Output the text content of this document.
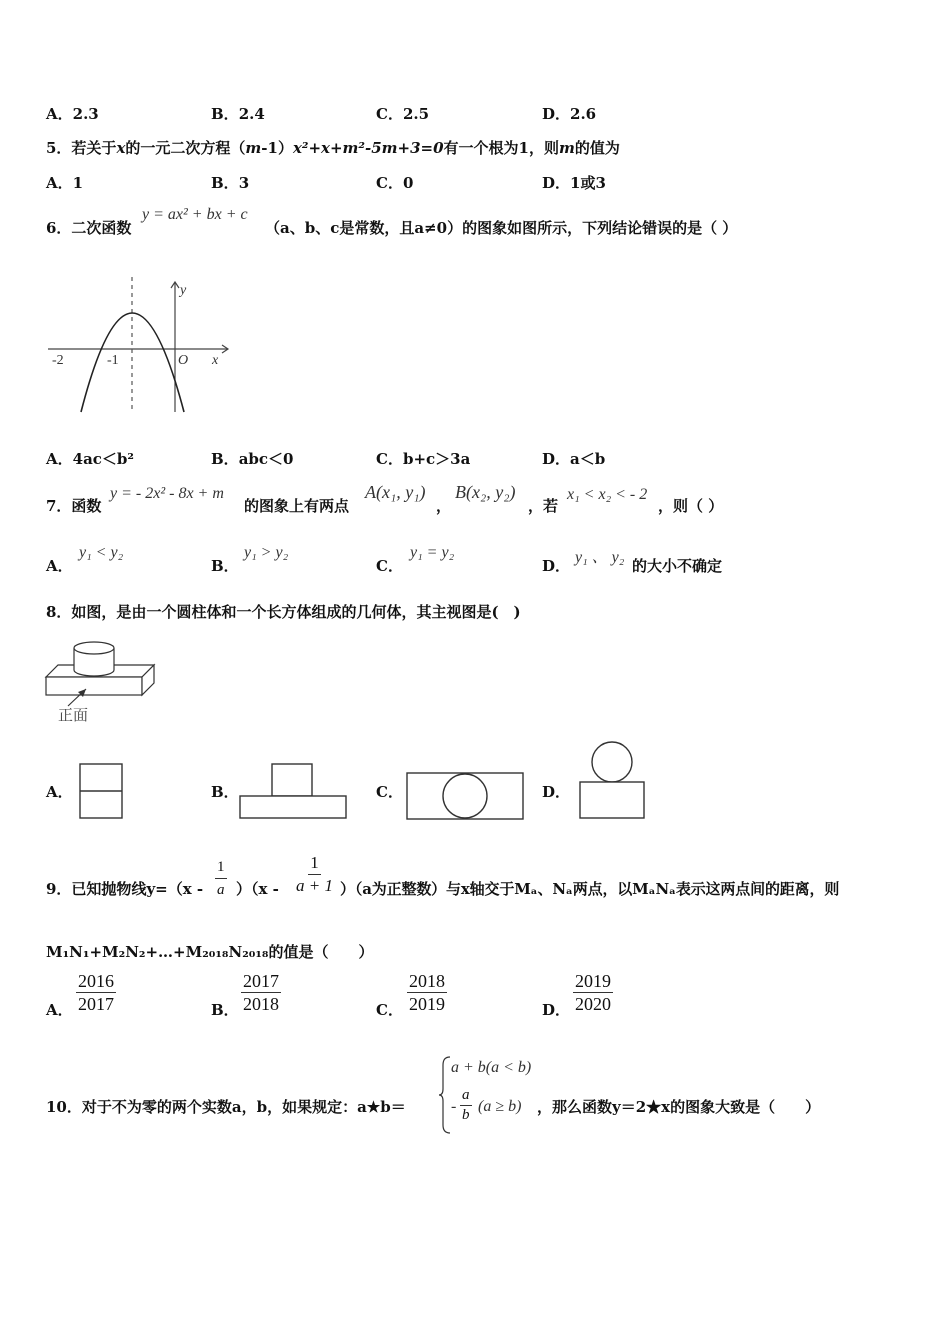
A．2.3	B．2.4	C．2.5	D．2.6
5．若关于x的一元二次方程（m-1）x²+x+m²-5m+3=0有一个根为1，则m的值为
A．1	B．3	C．0	D．1或3
6．二次函数
y = ax² + bx + c
（a、b、c是常数，且a≠0）的图象如图所示，下列结论错误的是（ ）
-2	-1	O x
y
A．4ac＜b²	B．abc＜0	C．b+c＞3a	D．a＜b
7．函数
y = - 2x² - 8x + m
的图象上有两点
A(x₁, y₁)
，
B(x₂, y₂)
，若
x₁ < x₂ < - 2
，则（ ）
A．
y₁ < y₂
B．
y₁ > y₂
C．
y₁ = y₂
D． y₁ 、 y₂ 的大小不确定
8．如图，是由一个圆柱体和一个长方体组成的几何体，其主视图是(　)
正面
A．	B．	C．	D．
9．已知抛物线$y=(x - \frac{1}{a} )(x - \frac{1}{a + 1} )(a$为正整数）与x轴交于Mₐ、Nₐ两点，以MₐNₐ表示这两点间的距离，则
M₁N₁+M₂N₂+…+M₂₀₁₈N₂₀₁₈的值是（　　）
A． $\frac{2016}{2017}$	B． $\frac{2017}{2018}$	C． $\frac{2018}{2019}$	D． $\frac{2019}{2020}$
10．对于不为零的两个实数a，b，如果规定：a★b＝
a + b(a < b)
- $\frac{a}{b} (a \ge b)$ ，那么函数y＝2★x的图象大致是（　　）
